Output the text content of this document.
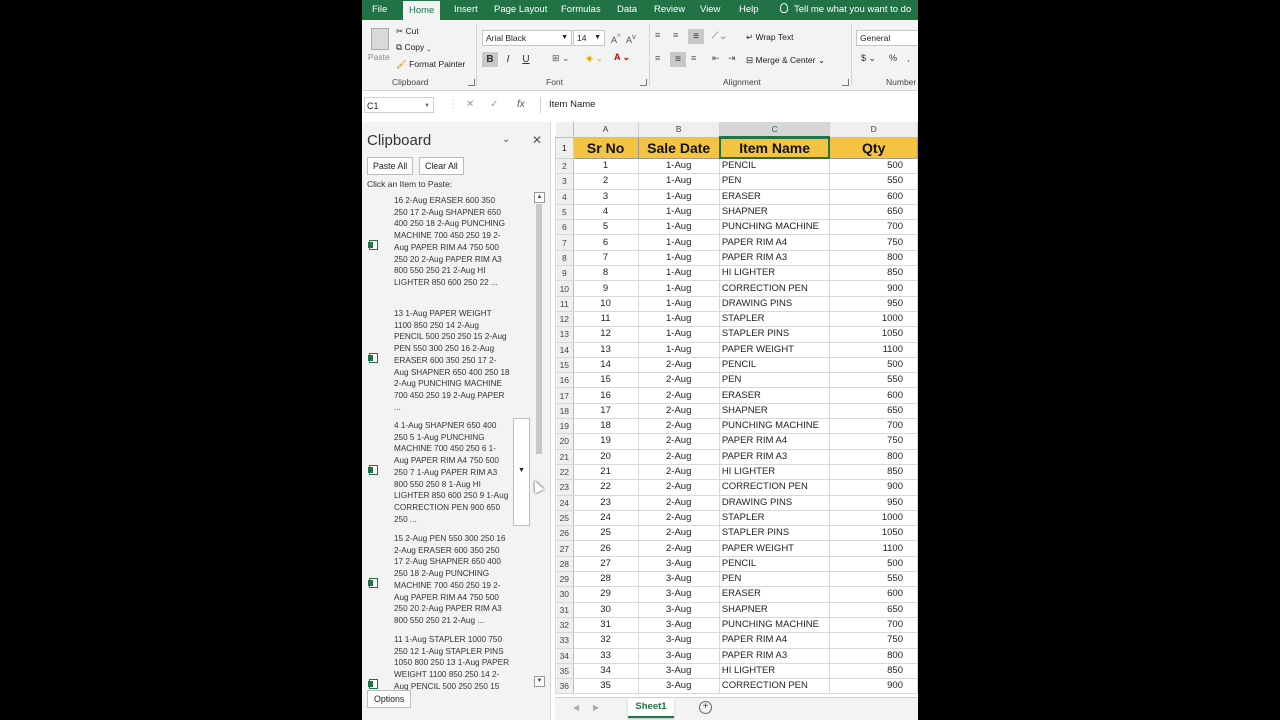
File	Home	Insert Page Layout Formulas Data Review View Help	Tell me what you want to do
Paste
✂ Cut
⧉ Copy ⌄
🖌 Format Painter
Clipboard
Arial Black	▼	14 ▼ A^ $A^v$
B	I	U	⊞ ⌄ ◈ ⌄ A ⌄
Font
≡ ≡	≡	⟋ ⌄ ↵ Wrap Text
≡	≡	≡ ⇤ ⇥ ⊟ Merge & Center ⌄
Alignment
General
$ ⌄ % ,
Number
C1	▼ ⋮ ✕ ✓ fx	Item Name
Clipboard	⌄ ✕
Paste All	Clear All
Click an Item to Paste:
16 2-Aug ERASER 600 350 250 17 2-Aug SHAPNER 650 400 250 18 2-Aug PUNCHING MACHINE 700 450 250 19 2-Aug PAPER RIM A4 750 500 250 20 2-Aug PAPER RIM A3 800 550 250 21 2-Aug HI LIGHTER 850 600 250 22 ...
13 1-Aug PAPER WEIGHT 1100 850 250 14 2-Aug PENCIL 500 250 250 15 2-Aug PEN 550 300 250 16 2-Aug ERASER 600 350 250 17 2-Aug SHAPNER 650 400 250 18 2-Aug PUNCHING MACHINE 700 450 250 19 2-Aug PAPER ...
4 1-Aug SHAPNER 650 400 250 5 1-Aug PUNCHING MACHINE 700 450 250 6 1-Aug PAPER RIM A4 750 500 250 7 1-Aug PAPER RIM A3 800 550 250 8 1-Aug HI LIGHTER 850 600 250 9 1-Aug CORRECTION PEN 900 650 250 ...
15 2-Aug PEN 550 300 250 16 2-Aug ERASER 600 350 250 17 2-Aug SHAPNER 650 400 250 18 2-Aug PUNCHING MACHINE 700 450 250 19 2-Aug PAPER RIM A4 750 500 250 20 2-Aug PAPER RIM A3 800 550 250 21 2-Aug ...
11 1-Aug STAPLER 1000 750 250 12 1-Aug STAPLER PINS 1050 800 250 13 1-Aug PAPER WEIGHT 1100 850 250 14 2-Aug PENCIL 500 250 250 15
▼
▲
▼
Options
	A	B	C	D
1	Sr No	Sale Date	Item Name	Qty
2	1	1-Aug	PENCIL	500
3	2	1-Aug	PEN	550
4	3	1-Aug	ERASER	600
5	4	1-Aug	SHAPNER	650
6	5	1-Aug	PUNCHING MACHINE	700
7	6	1-Aug	PAPER RIM A4	750
8	7	1-Aug	PAPER RIM A3	800
9	8	1-Aug	HI LIGHTER	850
10	9	1-Aug	CORRECTION PEN	900
11	10	1-Aug	DRAWING PINS	950
12	11	1-Aug	STAPLER	1000
13	12	1-Aug	STAPLER PINS	1050
14	13	1-Aug	PAPER WEIGHT	1100
15	14	2-Aug	PENCIL	500
16	15	2-Aug	PEN	550
17	16	2-Aug	ERASER	600
18	17	2-Aug	SHAPNER	650
19	18	2-Aug	PUNCHING MACHINE	700
20	19	2-Aug	PAPER RIM A4	750
21	20	2-Aug	PAPER RIM A3	800
22	21	2-Aug	HI LIGHTER	850
23	22	2-Aug	CORRECTION PEN	900
24	23	2-Aug	DRAWING PINS	950
25	24	2-Aug	STAPLER	1000
26	25	2-Aug	STAPLER PINS	1050
27	26	2-Aug	PAPER WEIGHT	1100
28	27	3-Aug	PENCIL	500
29	28	3-Aug	PEN	550
30	29	3-Aug	ERASER	600
31	30	3-Aug	SHAPNER	650
32	31	3-Aug	PUNCHING MACHINE	700
33	32	3-Aug	PAPER RIM A4	750
34	33	3-Aug	PAPER RIM A3	800
35	34	3-Aug	HI LIGHTER	850
36	35	3-Aug	CORRECTION PEN	900
◀ ▶	Sheet1	+
